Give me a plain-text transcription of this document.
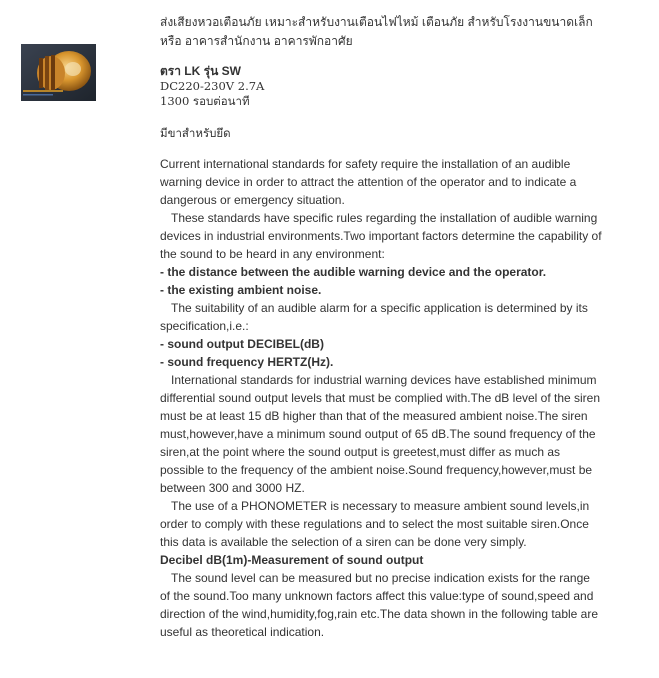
ส่งเสียงหวอเตือนภัย เหมาะสำหรับงานเตือนไฟไหม้ เตือนภัย สำหรับโรงงานขนาดเล็ก หรือ อาคารสำนักงาน อาคารพักอาศัย
ตรา LK รุ่น SW
DC220-230V 2.7A
1300 รอบต่อนาที
มีขาสำหรับยึด

Current international standards for safety require the installation of an audible warning device in order to attract the attention of the operator and to indicate a dangerous or emergency situation.

These standards have specific rules regarding the installation of audible warning devices in industrial environments.Two important factors determine the capability of the sound to be heard in any environment:

- the distance between the audible warning device and the operator.

- the existing ambient noise.

The suitability of an audible alarm for a specific application is determined by its specification,i.e.:

- sound output DECIBEL(dB)

- sound frequency HERTZ(Hz).

International standards for industrial warning devices have established minimum differential sound output levels that must be complied with.The dB level of the siren must be at least 15 dB higher than that of the measured ambient noise.The siren must,however,have a minimum sound output of 65 dB.The sound frequency of the siren,at the point where the sound output is greetest,must differ as much as possible to the frequency of the ambient noise.Sound frequency,however,must be between 300 and 3000 HZ.

The use of a PHONOMETER is necessary to measure ambient sound levels,in order to comply with these regulations and to select the most suitable siren.Once this data is available the selection of a siren can be done very simply.

Decibel dB(1m)-Measurement of sound output

The sound level can be measured but no precise indication exists for the range of the sound.Too many unknown factors affect this value:type of sound,speed and direction of the wind,humidity,fog,rain etc.The data shown in the following table are useful as theoretical indication.
